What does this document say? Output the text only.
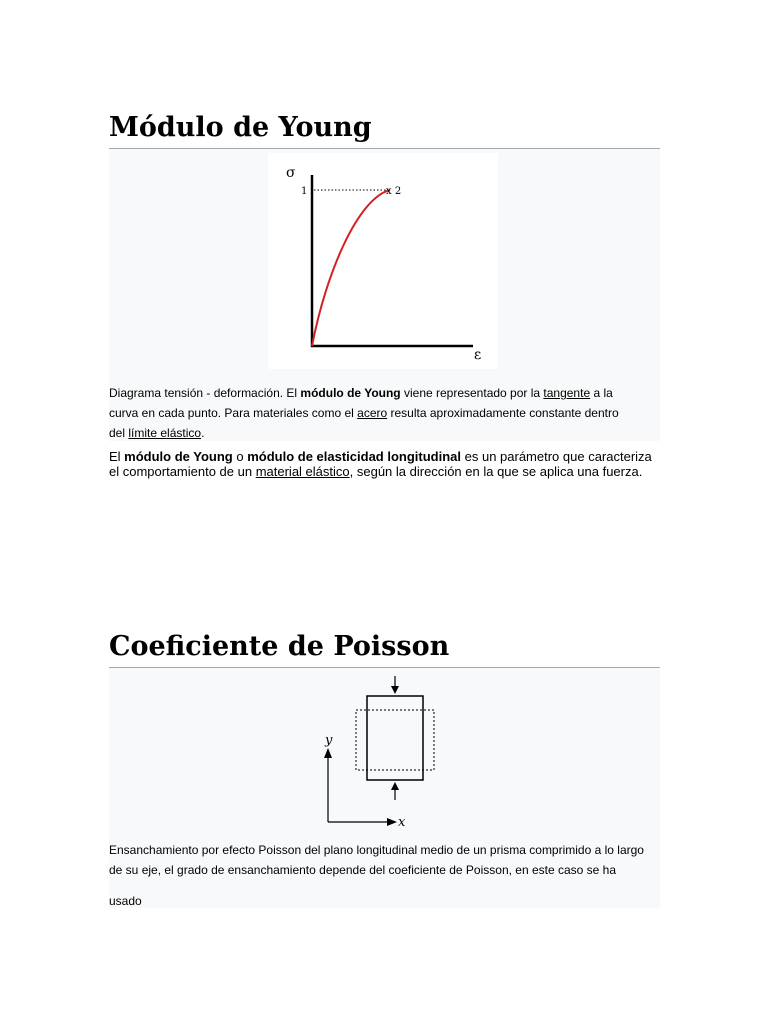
Módulo de Young
σ
1	x 2
ε
Diagrama tensión - deformación. El módulo de Young viene representado por la tangente a la curva en cada punto. Para materiales como el acero resulta aproximadamente constante dentro del límite elástico.
El módulo de Young o módulo de elasticidad longitudinal es un parámetro que caracteriza el comportamiento de un material elástico, según la dirección en la que se aplica una fuerza.
Coeficiente de Poisson
y
x
Ensanchamiento por efecto Poisson del plano longitudinal medio de un prisma comprimido a lo largo de su eje, el grado de ensanchamiento depende del coeficiente de Poisson, en este caso se ha
usado
